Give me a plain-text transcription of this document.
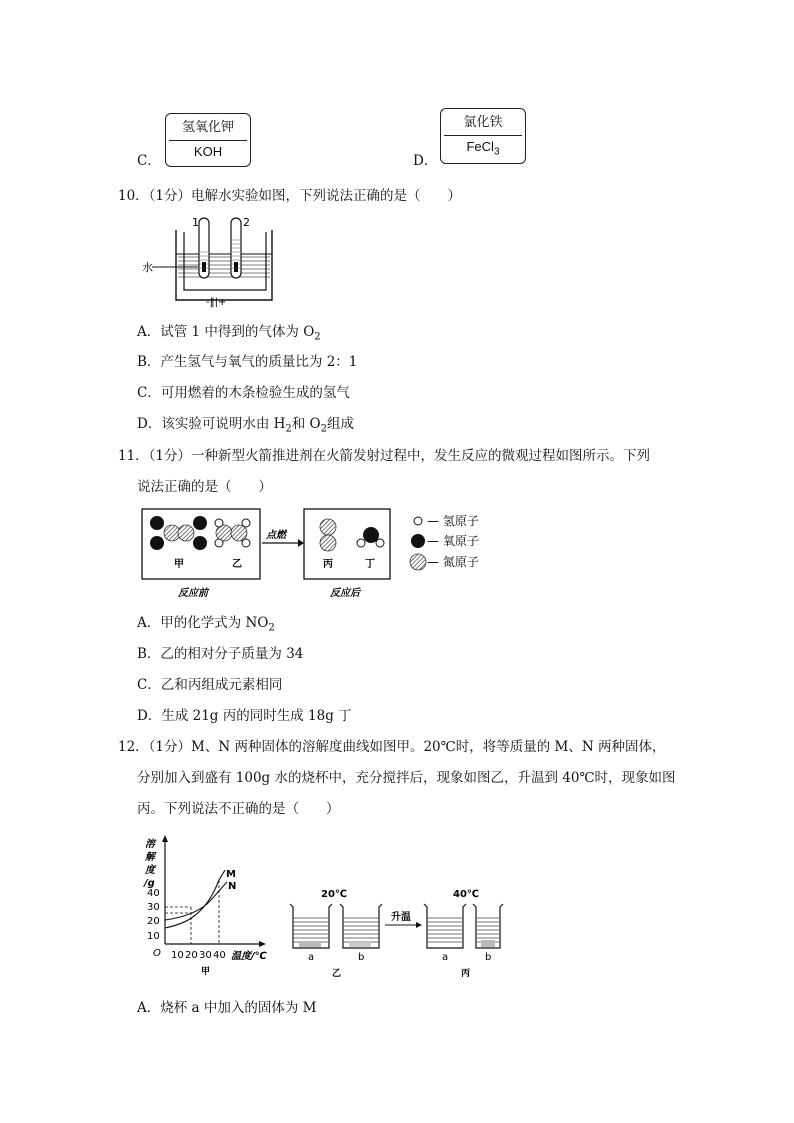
C．
氢氧化钾
KOH
D．
氯化铁
FeCl$_3$
10．（1分）电解水实验如图，下列说法正确的是（　　）
水
1	2
-‖|+
A．试管 1 中得到的气体为 $O_2$
B．产生氢气与氧气的质量比为 2：1
C．可用燃着的木条检验生成的氢气
D．该实验可说明水由 $H_2$和 $O_2$组成
11．（1分）一种新型火箭推进剂在火箭发射过程中，发生反应的微观过程如图所示。下列
说法正确的是（　　）
甲	乙
反应前
点燃
丙	丁
反应后
— 氢原子
— 氧原子
— 氮原子
A．甲的化学式为 $NO_2$
B．乙的相对分子质量为 34
C．乙和丙组成元素相同
D．生成 21g 丙的同时生成 18g 丁
12．（1分）M、N 两种固体的溶解度曲线如图甲。20℃时，将等质量的 M、N 两种固体，
分别加入到盛有 100g 水的烧杯中，充分搅拌后，现象如图乙，升温到 40℃时，现象如图
丙。下列说法不正确的是（　　）
溶
解
度
/g
40
30
20
10
O
M
N
10 20 30 40 温度/℃
甲
20℃	40℃
升温
a	b	a	b
乙	丙
A．烧杯 a 中加入的固体为 M
